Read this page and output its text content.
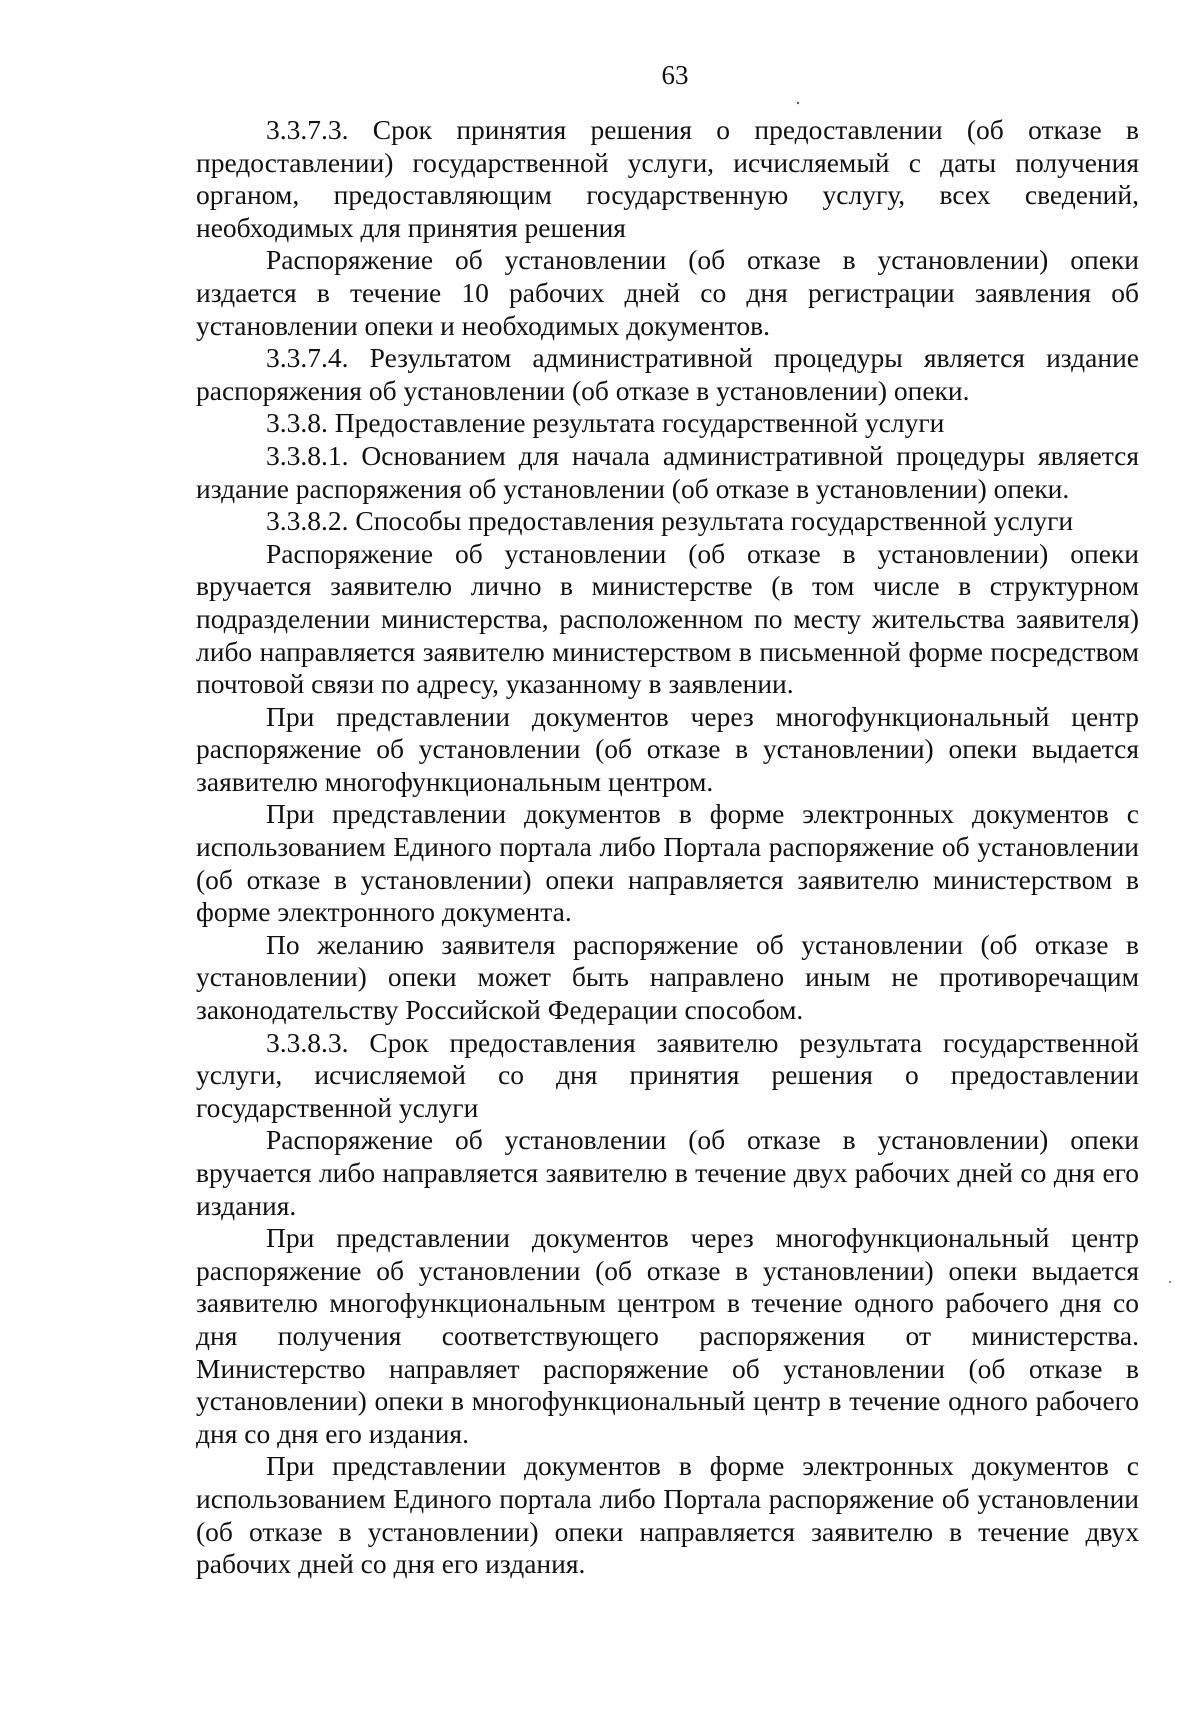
63

3.3.7.3. Срок принятия решения о предоставлении (об отказе в предоставлении) государственной услуги, исчисляемый с даты получения органом, предоставляющим государственную услугу, всех сведений, необходимых для принятия решения

Распоряжение об установлении (об отказе в установлении) опеки издается в течение 10 рабочих дней со дня регистрации заявления об установлении опеки и необходимых документов.

3.3.7.4. Результатом административной процедуры является издание распоряжения об установлении (об отказе в установлении) опеки.

3.3.8. Предоставление результата государственной услуги

3.3.8.1. Основанием для начала административной процедуры является издание распоряжения об установлении (об отказе в установлении) опеки.

3.3.8.2. Способы предоставления результата государственной услуги

Распоряжение об установлении (об отказе в установлении) опеки вручается заявителю лично в министерстве (в том числе в структурном подразделении министерства, расположенном по месту жительства заявителя) либо направляется заявителю министерством в письменной форме посредством почтовой связи по адресу, указанному в заявлении.

При представлении документов через многофункциональный центр распоряжение об установлении (об отказе в установлении) опеки выдается заявителю многофункциональным центром.

При представлении документов в форме электронных документов с использованием Единого портала либо Портала распоряжение об установлении (об отказе в установлении) опеки направляется заявителю министерством в форме электронного документа.

По желанию заявителя распоряжение об установлении (об отказе в установлении) опеки может быть направлено иным не противоречащим законодательству Российской Федерации способом.

3.3.8.3. Срок предоставления заявителю результата государственной услуги, исчисляемой со дня принятия решения о предоставлении государственной услуги

Распоряжение об установлении (об отказе в установлении) опеки вручается либо направляется заявителю в течение двух рабочих дней со дня его издания.

При представлении документов через многофункциональный центр распоряжение об установлении (об отказе в установлении) опеки выдается заявителю многофункциональным центром в течение одного рабочего дня со дня получения соответствующего распоряжения от министерства. Министерство направляет распоряжение об установлении (об отказе в установлении) опеки в многофункциональный центр в течение одного рабочего дня со дня его издания.

При представлении документов в форме электронных документов с использованием Единого портала либо Портала распоряжение об установлении (об отказе в установлении) опеки направляется заявителю в течение двух рабочих дней со дня его издания.
